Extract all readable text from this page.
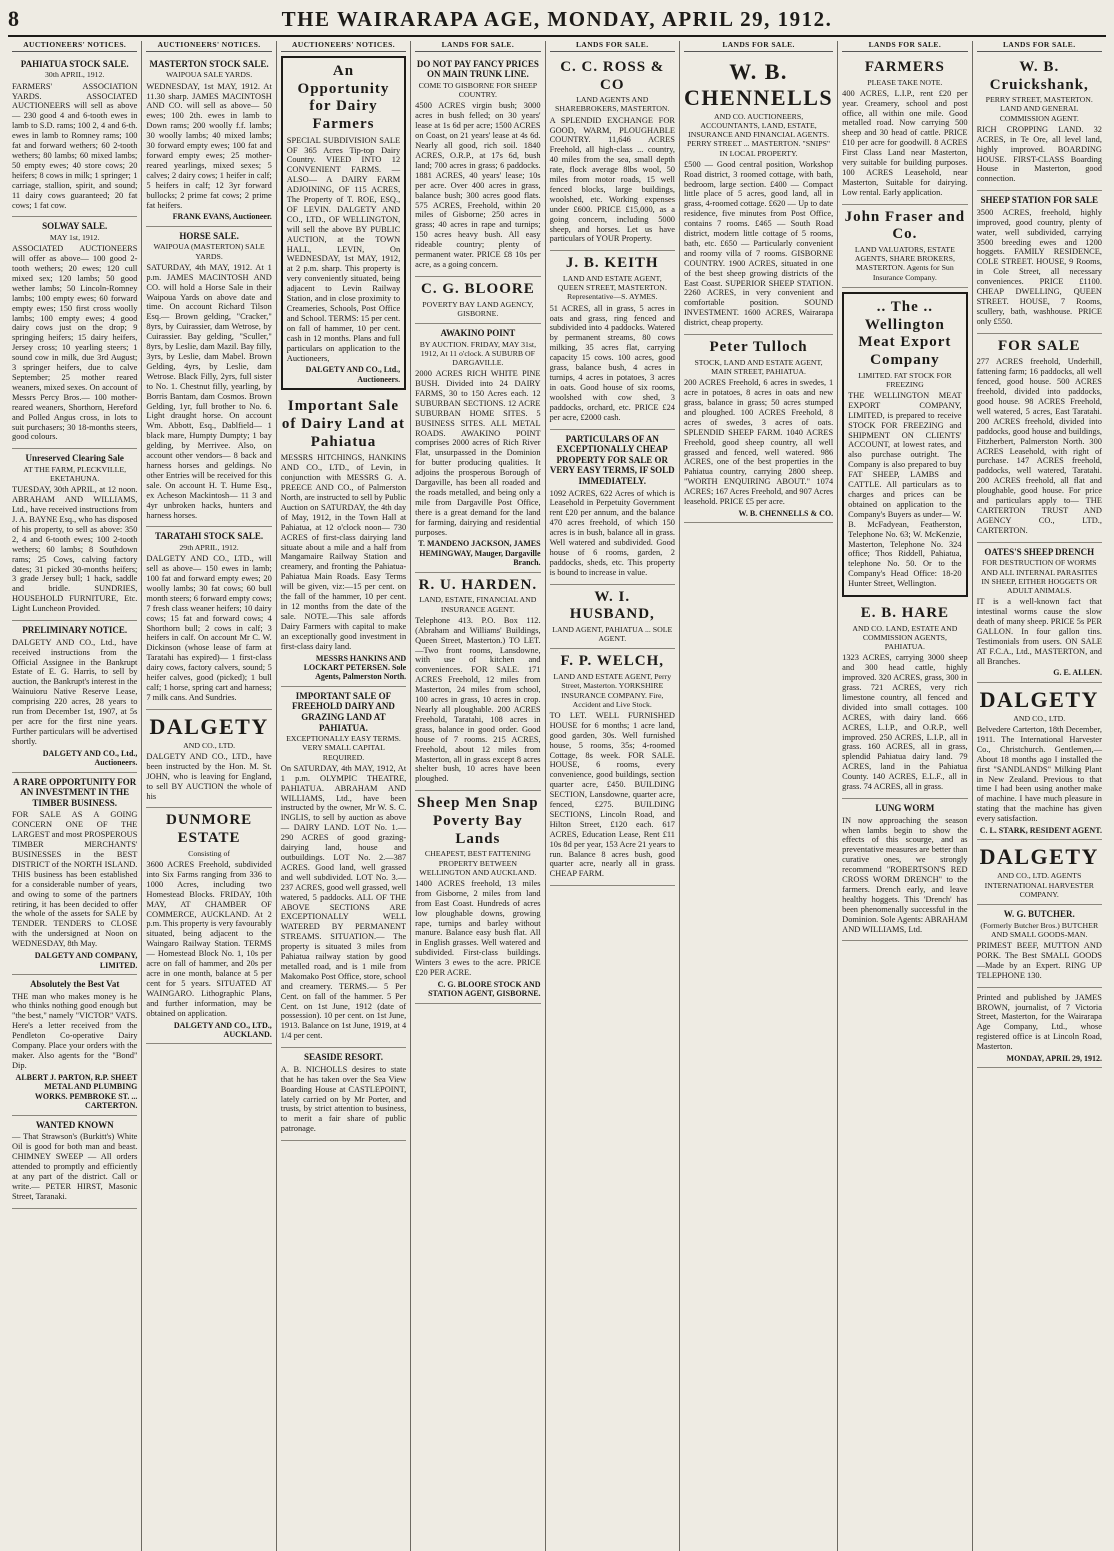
8	THE WAIRARAPA AGE, MONDAY, APRIL 29, 1912.
AUCTIONEERS' NOTICES.
PAHIATUA STOCK SALE.
30th APRIL, 1912.
FARMERS' ASSOCIATION YARDS. ASSOCIATED AUCTIONEERS will sell as above— 230 good 4 and 6-tooth ewes in lamb to S.D. rams; 100 2, 4 and 6-th. ewes in lamb to Romney rams; 100 fat and forward wethers; 60 2-tooth wethers; 80 lambs; 60 mixed lambs; 50 empty ewes; 40 store cows; 20 heifers; 8 cows in milk; 1 springer; 1 carriage, stallion, spirit, and sound; 11 dairy cows guaranteed; 20 fat cows; 1 fat cow.
SOLWAY SALE.
MAY 1st, 1912.
ASSOCIATED AUCTIONEERS will offer as above— 100 good 2-tooth wethers; 20 ewes; 120 cull mixed sex; 120 lambs; 50 good wether lambs; 50 Lincoln-Romney lambs; 100 empty ewes; 60 forward empty ewes; 150 first cross woolly lambs; 100 empty ewes; 4 good dairy cows just on the drop; 9 springing heifers; 15 dairy heifers, Jersey cross; 10 yearling steers; 1 sound cow in milk, due 3rd August; 3 springer heifers, due to calve September; 25 mother reared weaners, mixed sexes. On account of Messrs Percy Bros.— 100 mother-reared weaners, Shorthorn, Hereford and Polled Angus cross, in lots to suit purchasers; 30 18-months steers, good colours.
Unreserved Clearing Sale
AT THE FARM, PLECKVILLE, EKETAHUNA.
TUESDAY, 30th APRIL, at 12 noon. ABRAHAM AND WILLIAMS, Ltd., have received instructions from J. A. BAYNE Esq., who has disposed of his property, to sell as above: 350 2, 4 and 6-tooth ewes; 100 2-tooth wethers; 60 lambs; 8 Southdown rams; 25 Cows, calving factory dates; 31 picked 30-months heifers; 3 grade Jersey bull; 1 hack, saddle and bridle. SUNDRIES, HOUSEHOLD FURNITURE, Etc. Light Luncheon Provided.
PRELIMINARY NOTICE.
DALGETY AND CO., Ltd., have received instructions from the Official Assignee in the Bankrupt Estate of E. G. Harris, to sell by auction, the Bankrupt's interest in the Wainuioru Native Reserve Lease, comprising 220 acres, 28 years to run from December 1st, 1907, at 5s per acre for the first nine years. Further particulars will be advertised shortly.
DALGETY AND CO., Ltd., Auctioneers.
A RARE OPPORTUNITY FOR AN INVESTMENT IN THE TIMBER BUSINESS.
FOR SALE AS A GOING CONCERN ONE OF THE LARGEST and most PROSPEROUS TIMBER MERCHANTS' BUSINESSES in the BEST DISTRICT of the NORTH ISLAND. THIS business has been established for a considerable number of years, and owing to some of the partners retiring, it has been decided to offer the whole of the assets for SALE by TENDER. TENDERS to CLOSE with the undersigned at Noon on WEDNESDAY, 8th May.
DALGETY AND COMPANY, LIMITED.
Absolutely the Best Vat
THE man who makes money is he who thinks nothing good enough but "the best," namely "VICTOR" VATS. Here's a letter received from the Pendleton Co-operative Dairy Company. Place your orders with the maker. Also agents for the "Bond" Dip.
ALBERT J. PARTON, R.P. SHEET METAL AND PLUMBING WORKS. PEMBROKE ST. ... CARTERTON.
WANTED KNOWN
— That Strawson's (Burkitt's) White Oil is good for both man and beast. CHIMNEY SWEEP — All orders attended to promptly and efficiently at any part of the district. Call or write.— PETER HIRST, Masonic Street, Taranaki.
AUCTIONEERS' NOTICES.
MASTERTON STOCK SALE.
WAIPOUA SALE YARDS.
WEDNESDAY, 1st MAY, 1912. At 11.30 sharp. JAMES MACINTOSH AND CO. will sell as above— 50 ewes; 100 2th. ewes in lamb to Down rams; 200 woolly f.f. lambs; 30 woolly lambs; 40 mixed lambs; 30 forward empty ewes; 100 fat and forward empty ewes; 25 mother-reared yearlings, mixed sexes; 5 calves; 2 dairy cows; 1 heifer in calf; 5 heifers in calf; 12 3yr forward bullocks; 2 prime fat cows; 2 prime fat heifers.
FRANK EVANS, Auctioneer.
HORSE SALE.
WAIPOUA (MASTERTON) SALE YARDS.
SATURDAY, 4th MAY, 1912. At 1 p.m. JAMES MACINTOSH AND CO. will hold a Horse Sale in their Waipoua Yards on above date and time. On account Richard Tilson Esq.— Brown gelding, "Cracker," 8yrs, by Cuirassier, dam Wetrose, by Cuirassier. Bay gelding, "Sculler," 8yrs, by Leslie, dam Mazil. Bay filly, 3yrs, by Leslie, dam Mabel. Brown Gelding, 4yrs, by Leslie, dam Wetrose. Black Filly, 2yrs, full sister to No. 1. Chestnut filly, yearling, by Borris Bantam, dam Cosmos. Brown Gelding, 1yr, full brother to No. 6. Light draught horse. On account Wm. Abbott, Esq., Dablfield— 1 black mare, Humpty Dumpty; 1 bay gelding, by Merrivee. Also, on account other vendors— 8 back and harness horses and geldings. No other Entries will be received for this sale. On account H. T. Hume Esq., ex Acheson Mackintosh— 11 3 and 4yr unbroken hacks, hunters and harness horses.
TARATAHI STOCK SALE.
29th APRIL, 1912.
DALGETY AND CO., LTD., will sell as above— 150 ewes in lamb; 100 fat and forward empty ewes; 20 woolly lambs; 30 fat cows; 60 bull month steers; 6 forward empty cows; 7 fresh class weaner heifers; 10 dairy cows; 15 fat and forward cows; 4 Shorthorn bull; 2 cows in calf; 3 heifers in calf. On account Mr C. W. Dickinson (whose lease of farm at Taratahi has expired)— 1 first-class dairy cows, factory calvers, sound; 5 heifer calves, good (picked); 1 bull calf; 1 horse, spring cart and harness; 7 milk cans. And Sundries.
DALGETY
AND CO., LTD.
DALGETY AND CO., LTD., have been instructed by the Hon. M. St. JOHN, who is leaving for England, to sell BY AUCTION the whole of his
DUNMORE ESTATE
Consisting of
3600 ACRES Freehold, subdivided into Six Farms ranging from 336 to 1000 Acres, including two Homestead Blocks. FRIDAY, 10th MAY, AT CHAMBER OF COMMERCE, AUCKLAND. At 2 p.m. This property is very favourably situated, being adjacent to the Waingaro Railway Station. TERMS — Homestead Block No. 1, 10s per acre on fall of hammer, and 20s per acre in one month, balance at 5 per cent for 5 years. SITUATED AT WAINGARO. Lithographic Plans, and further information, may be obtained on application.
DALGETY AND CO., LTD., AUCKLAND.
AUCTIONEERS' NOTICES.
An Opportunity for Dairy Farmers
SPECIAL SUBDIVISION SALE OF 365 Acres Tip-top Dairy Country. VIEED INTO 12 CONVENIENT FARMS. —ALSO— A DAIRY FARM ADJOINING, OF 115 ACRES, The Property of T. ROE, ESQ., OF LEVIN. DALGETY AND CO., LTD., OF WELLINGTON, will sell the above BY PUBLIC AUCTION, at the TOWN HALL, LEVIN, On WEDNESDAY, 1st MAY, 1912, at 2 p.m. sharp. This property is very conveniently situated, being adjacent to Levin Railway Station, and in close proximity to Creameries, Schools, Post Office and School. TERMS: 15 per cent. on fall of hammer, 10 per cent. cash in 12 months. Plans and full particulars on application to the Auctioneers,
DALGETY AND CO., Ltd., Auctioneers.
Important Sale of Dairy Land at Pahiatua
MESSRS HITCHINGS, HANKINS AND CO., LTD., of Levin, in conjunction with MESSRS G. A. PREECE AND CO., of Palmerston North, are instructed to sell by Public Auction on SATURDAY, the 4th day of May, 1912, in the Town Hall at Pahiatua, at 12 o'clock noon— 730 ACRES of first-class dairying land situate about a mile and a half from Mangamaire Railway Station and creamery, and fronting the Pahiatua-Pahiatua Main Roads. Easy Terms will be given, viz:—15 per cent. on the fall of the hammer, 10 per cent. in 12 months from the date of the sale. NOTE.—This sale affords Dairy Farmers with capital to make an exceptionally good investment in first-class dairy land.
MESSRS HANKINS AND LOCKART PETERSEN. Sole Agents, Palmerston North.
IMPORTANT SALE OF FREEHOLD DAIRY AND GRAZING LAND AT PAHIATUA.
EXCEPTIONALLY EASY TERMS. VERY SMALL CAPITAL REQUIRED.
On SATURDAY, 4th MAY, 1912, At 1 p.m. OLYMPIC THEATRE, PAHIATUA. ABRAHAM AND WILLIAMS, Ltd., have been instructed by the owner, Mr W. S. C. INGLIS, to sell by auction as above— DAIRY LAND. LOT No. 1.—290 ACRES of good grazing-dairying land, house and outbuildings. LOT No. 2.—387 ACRES. Good land, well grassed and well subdivided. LOT No. 3.—237 ACRES, good well grassed, well watered, 5 paddocks. ALL OF THE ABOVE SECTIONS ARE EXCEPTIONALLY WELL WATERED BY PERMANENT STREAMS. SITUATION.— The property is situated 3 miles from Pahiatua railway station by good metalled road, and is 1 mile from Makomako Post Office, store, school and creamery. TERMS.— 5 Per Cent. on fall of the hammer. 5 Per Cent. on 1st June, 1912 (date of possession). 10 per cent. on 1st June, 1913. Balance on 1st June, 1919, at 4 1/4 per cent.
SEASIDE RESORT.
A. B. NICHOLLS desires to state that he has taken over the Sea View Boarding House at CASTLEPOINT, lately carried on by Mr Porter, and trusts, by strict attention to business, to merit a fair share of public patronage.
LANDS FOR SALE.
DO NOT PAY FANCY PRICES ON MAIN TRUNK LINE.
COME TO GISBORNE FOR SHEEP COUNTRY.
4500 ACRES virgin bush; 3000 acres in bush felled; on 30 years' lease at 1s 6d per acre; 1500 ACRES on Coast, on 21 years' lease at 4s 6d. Nearly all good, rich soil. 1840 ACRES, O.R.P., at 17s 6d, bush land; 700 acres in grass; 6 paddocks. 1881 ACRES, 40 years' lease; 10s per acre. Over 400 acres in grass, balance bush; 300 acres good flats. 575 ACRES, Freehold, within 20 miles of Gisborne; 250 acres in grass; 40 acres in rape and turnips; 150 acres heavy bush. All easy rideable country; plenty of permanent water. PRICE £8 10s per acre, as a going concern.
C. G. BLOORE
POVERTY BAY LAND AGENCY, GISBORNE.
AWAKINO POINT
BY AUCTION. FRIDAY, MAY 31st, 1912, At 11 o'clock. A SUBURB OF DARGAVILLE.
2000 ACRES RICH WHITE PINE BUSH. Divided into 24 DAIRY FARMS, 30 to 150 Acres each. 12 SUBURBAN SECTIONS. 12 ACRE SUBURBAN HOME SITES. 5 BUSINESS SITES. ALL METAL ROADS. AWAKINO POINT comprises 2000 acres of Rich River Flat, unsurpassed in the Dominion for butter producing qualities. It adjoins the prosperous Borough of Dargaville, has been all roaded and the roads metalled, and being only a mile from Dargaville Post Office, there is a great demand for the land for farming, dairying and residential purposes.
T. MANDENO JACKSON, JAMES HEMINGWAY, Mauger, Dargaville Branch.
R. U. HARDEN.
LAND, ESTATE, FINANCIAL AND INSURANCE AGENT.
Telephone 413. P.O. Box 112. (Abraham and Williams' Buildings, Queen Street, Masterton.) TO LET.—Two front rooms, Lansdowne, with use of kitchen and conveniences. FOR SALE. 171 ACRES Freehold, 12 miles from Masterton, 24 miles from school, 100 acres in grass, 10 acres in crop. Nearly all ploughable. 200 ACRES Freehold, Taratahi, 108 acres in grass, balance in good order. Good house of 7 rooms. 215 ACRES, Freehold, about 12 miles from Masterton, all in grass except 8 acres shelter bush, 10 acres have been ploughed.
Sheep Men Snap Poverty Bay Lands
CHEAPEST, BEST FATTENING PROPERTY BETWEEN WELLINGTON AND AUCKLAND.
1400 ACRES freehold, 13 miles from Gisborne, 2 miles from land from East Coast. Hundreds of acres low ploughable downs, growing rape, turnips and barley without manure. Balance easy bush flat. All in English grasses. Well watered and subdivided. First-class buildings. Winters 3 ewes to the acre. PRICE £20 PER ACRE.
C. G. BLOORE STOCK AND STATION AGENT, GISBORNE.
LANDS FOR SALE.
C. C. ROSS & CO
LAND AGENTS AND SHAREBROKERS, MASTERTON.
A SPLENDID EXCHANGE FOR GOOD, WARM, PLOUGHABLE COUNTRY. 11,646 ACRES Freehold, all high-class ... country, 40 miles from the sea, small depth rate, flock average 8lbs wool, 50 miles from motor roads, 15 well fenced blocks, large buildings, woolshed, etc. Working expenses under £600. PRICE £15,000, as a going concern, including 5000 sheep, and horses. Let us have particulars of YOUR Property.
J. B. KEITH
LAND AND ESTATE AGENT, QUEEN STREET, MASTERTON. Representative—S. AYMES.
51 ACRES, all in grass, 5 acres in oats and grass, ring fenced and subdivided into 4 paddocks. Watered by permanent streams, 80 cows milking, 35 acres flat, carrying capacity 15 cows. 100 acres, good grass, balance bush, 4 acres in turnips, 4 acres in potatoes, 3 acres in oats. Good house of six rooms, woolshed with cow shed, 3 paddocks, orchard, etc. PRICE £24 per acre, £2000 cash.
PARTICULARS OF AN EXCEPTIONALLY CHEAP PROPERTY FOR SALE OR VERY EASY TERMS, IF SOLD IMMEDIATELY.
1092 ACRES, 622 Acres of which is Leasehold in Perpetuity Government rent £20 per annum, and the balance 470 acres freehold, of which 150 acres is in bush, balance all in grass. Well watered and subdivided. Good house of 6 rooms, garden, 2 paddocks, sheds, etc. This property is bound to increase in value.
W. I. HUSBAND,
LAND AGENT, PAHIATUA ... SOLE AGENT.
F. P. WELCH,
LAND AND ESTATE AGENT, Perry Street, Masterton. YORKSHIRE INSURANCE COMPANY. Fire, Accident and Live Stock.
TO LET. WELL FURNISHED HOUSE for 6 months; 1 acre land, good garden, 30s. Well furnished house, 5 rooms, 35s; 4-roomed Cottage, 8s week. FOR SALE. HOUSE, 6 rooms, every convenience, good buildings, section quarter acre, £450. BUILDING SECTION, Lansdowne, quarter acre, fenced, £275. BUILDING SECTIONS, Lincoln Road, and Hilton Street, £120 each. 617 ACRES, Education Lease, Rent £11 10s 8d per year, 153 Acre 21 years to run. Balance 8 acres bush, good quarter acre, nearly all in grass. CHEAP FARM.
LANDS FOR SALE.
W. B. CHENNELLS
AND CO. AUCTIONEERS, ACCOUNTANTS, LAND, ESTATE, INSURANCE AND FINANCIAL AGENTS. PERRY STREET ... MASTERTON. "SNIPS" IN LOCAL PROPERTY.
£500 — Good central position, Workshop Road district, 3 roomed cottage, with bath, bedroom, large section. £400 — Compact little place of 5 acres, good land, all in grass, 4-roomed cottage. £620 — Up to date residence, five minutes from Post Office, contains 7 rooms. £465 — South Road district, modern little cottage of 5 rooms, bath, etc. £650 — Particularly convenient and roomy villa of 7 rooms. GISBORNE COUNTRY. 1900 ACRES, situated in one of the best sheep growing districts of the East Coast. SUPERIOR SHEEP STATION. 2260 ACRES, in very convenient and comfortable position. SOUND INVESTMENT. 1600 ACRES, Wairarapa district, cheap property.
Peter Tulloch
STOCK, LAND AND ESTATE AGENT, MAIN STREET, PAHIATUA.
200 ACRES Freehold, 6 acres in swedes, 1 acre in potatoes, 8 acres in oats and new grass, balance in grass; 50 acres stumped and ploughed. 100 ACRES Freehold, 8 acres of swedes, 3 acres of oats. SPLENDID SHEEP FARM. 1040 ACRES Freehold, good sheep country, all well grassed and fenced, well watered. 986 ACRES, one of the best properties in the Pahiatua country, carrying 2800 sheep. "WORTH ENQUIRING ABOUT." 1074 ACRES; 167 Acres Freehold, and 907 Acres leasehold. PRICE £5 per acre.
W. B. CHENNELLS & CO.
LANDS FOR SALE.
FARMERS
PLEASE TAKE NOTE.
400 ACRES, L.I.P., rent £20 per year. Creamery, school and post office, all within one mile. Good metalled road. Now carrying 500 sheep and 30 head of cattle. PRICE £10 per acre for goodwill. 8 ACRES First Class Land near Masterton, very suitable for building purposes. 100 ACRES Leasehold, near Masterton, Suitable for dairying. Low rental. Early application.
John Fraser and Co.
LAND VALUATORS, ESTATE AGENTS, SHARE BROKERS, MASTERTON. Agents for Sun Insurance Company.
.. The .. Wellington Meat Export Company
LIMITED. FAT STOCK FOR FREEZING
THE WELLINGTON MEAT EXPORT COMPANY, LIMITED, is prepared to receive STOCK FOR FREEZING and SHIPMENT ON CLIENTS' ACCOUNT, at lowest rates, and also purchase outright. The Company is also prepared to buy FAT SHEEP, LAMBS and CATTLE. All particulars as to charges and prices can be obtained on application to the Company's Buyers as under— W. B. McFadyean, Featherston, Telephone No. 63; W. McKenzie, Masterton, Telephone No. 324 office; Thos Riddell, Pahiatua, telephone No. 50. Or to the Company's Head Office: 18-20 Hunter Street, Wellington.
E. B. HARE
AND CO. LAND, ESTATE AND COMMISSION AGENTS, PAHIATUA.
1323 ACRES, carrying 3000 sheep and 300 head cattle, highly improved. 320 ACRES, grass, 300 in grass. 721 ACRES, very rich limestone country, all fenced and divided into small cottages. 100 ACRES, with dairy land. 666 ACRES, L.I.P., and O.R.P., well improved. 250 ACRES, L.I.P., all in grass. 160 ACRES, all in grass, splendid Pahiatua dairy land. 79 ACRES, land in the Pahiatua County. 140 ACRES, E.L.F., all in grass. 74 ACRES, all in grass.
LUNG WORM
IN now approaching the season when lambs begin to show the effects of this scourge, and as preventative measures are better than curative ones, we strongly recommend "ROBERTSON'S RED CROSS WORM DRENCH" to the farmers. Drench early, and leave healthy hoggets. This 'Drench' has been phenomenally successful in the Dominion. Sole Agents: ABRAHAM AND WILLIAMS, Ltd.
LANDS FOR SALE.
W. B. Cruickshank,
PERRY STREET, MASTERTON. LAND AND GENERAL COMMISSION AGENT.
RICH CROPPING LAND. 32 ACRES, in Te Ore, all level land, highly improved. BOARDING HOUSE. FIRST-CLASS Boarding House in Masterton, good connection.
SHEEP STATION FOR SALE
3500 ACRES, freehold, highly improved, good country, plenty of water, well subdivided, carrying 3500 breeding ewes and 1200 hoggets. FAMILY RESIDENCE, COLE STREET. HOUSE, 9 Rooms, in Cole Street, all necessary conveniences. PRICE £1100. CHEAP DWELLING, QUEEN STREET. HOUSE, 7 Rooms, scullery, bath, washhouse. PRICE only £550.
FOR SALE
277 ACRES freehold, Underhill, fattening farm; 16 paddocks, all well fenced, good house. 500 ACRES freehold, divided into paddocks, good house. 98 ACRES Freehold, well watered, 5 acres, East Taratahi. 200 ACRES freehold, divided into paddocks, good house and buildings, Fitzherbert, Palmerston North. 300 ACRES Leasehold, with right of purchase. 147 ACRES freehold, paddocks, well watered, Taratahi. 200 ACRES freehold, all flat and ploughable, good house. For price and particulars apply to— THE CARTERTON TRUST AND AGENCY CO., LTD., CARTERTON.
OATES'S SHEEP DRENCH
FOR DESTRUCTION OF WORMS AND ALL INTERNAL PARASITES IN SHEEP, EITHER HOGGETS OR ADULT ANIMALS.
IT is a well-known fact that intestinal worms cause the slow death of many sheep. PRICE 5s PER GALLON. In four gallon tins. Testimonials from users. ON SALE AT F.C.A., Ltd., MASTERTON, and all Branches.
G. E. ALLEN.
DALGETY
AND CO., LTD.
Belvedere Carterton, 18th December, 1911. The International Harvester Co., Christchurch. Gentlemen,—About 18 months ago I installed the first "SANDLANDS" Milking Plant in New Zealand. Previous to that time I had been using another make of machine. I have much pleasure in stating that the machine has given every satisfaction.
C. L. STARK, RESIDENT AGENT.
DALGETY
AND CO., LTD. AGENTS INTERNATIONAL HARVESTER COMPANY.
W. G. BUTCHER.
(Formerly Butcher Bros.) BUTCHER AND SMALL GOODS-MAN.
PRIMEST BEEF, MUTTON AND PORK. The Best SMALL GOODS—Made by an Expert. RING UP TELEPHONE 130.
Printed and published by JAMES BROWN, journalist, of 7 Victoria Street, Masterton, for the Wairarapa Age Company, Ltd., whose registered office is at Lincoln Road, Masterton.
MONDAY, APRIL 29, 1912.
